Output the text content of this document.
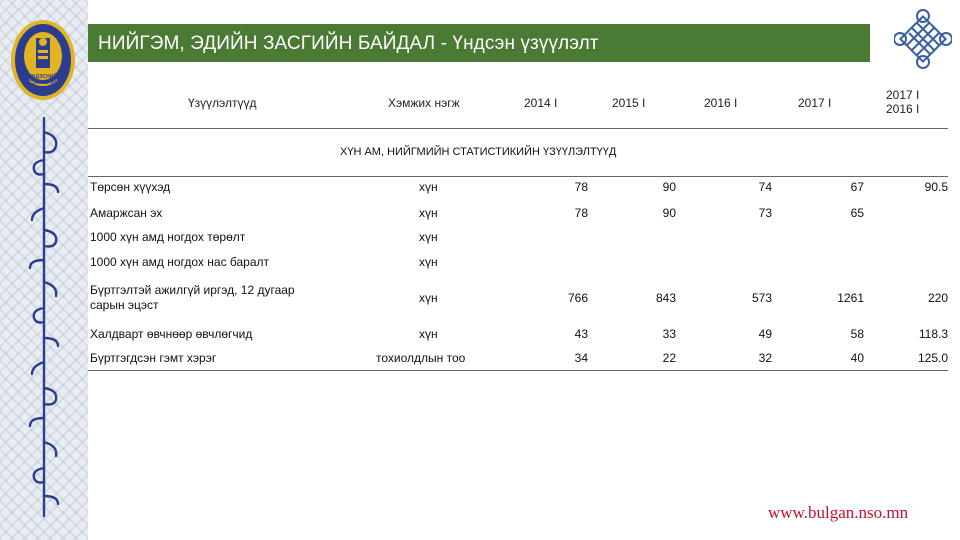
ҮНДЭСНИЙ СТАТИСТИК
НИЙГЭМ, ЭДИЙН ЗАСГИЙН БАЙДАЛ - Үндсэн үзүүлэлт
Үзүүлэлтүүд	Хэмжих нэгж	2014 I	2015 I	2016 I	2017 I
2017 I
2016 I
ХҮН АМ, НИЙГМИЙН СТАТИСТИКИЙН ҮЗҮҮЛЭЛТҮҮД
Төрсөн хүүхэд	хүн	78	90	74	67	90.5
Амаржсан эх	хүн	78	90	73	65
1000 хүн амд ногдох төрөлт	хүн
1000 хүн амд ногдох нас баралт	хүн
Бүртгэлтэй ажилгүй иргэд, 12 дугаар
сарын эцэст	хүн	766	843	573	1261	220
Халдварт өвчнөөр өвчлөгчид	хүн	43	33	49	58	118.3
Бүртгэгдсэн гэмт хэрэг	тохиолдлын тоо	34	22	32	40	125.0
www.bulgan.nso.mn
